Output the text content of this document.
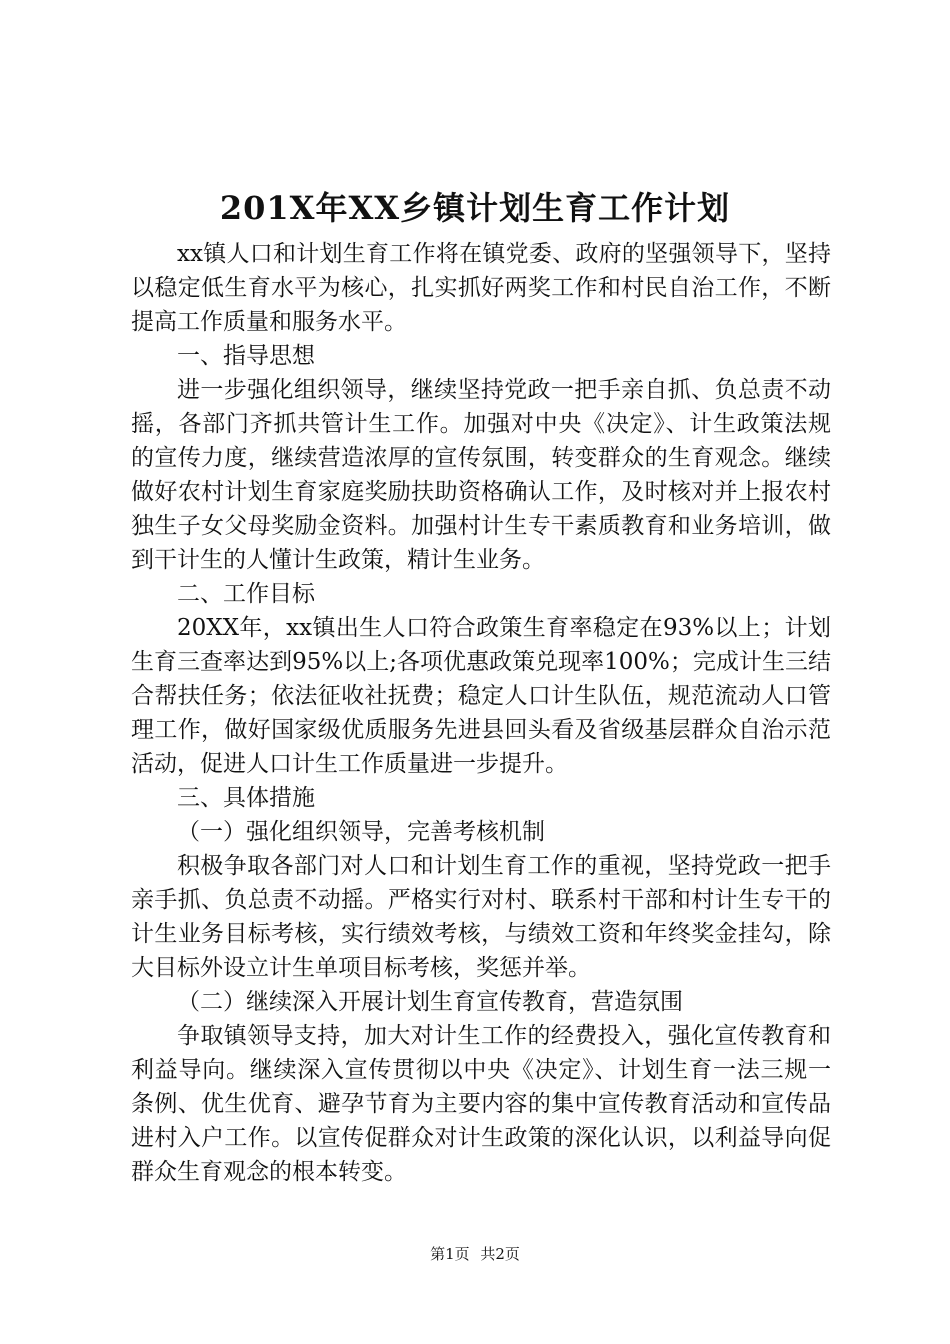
201X年XX乡镇计划生育工作计划

xx镇人口和计划生育工作将在镇党委、政府的坚强领导下，坚持以稳定低生育水平为核心，扎实抓好两奖工作和村民自治工作，不断提高工作质量和服务水平。

一、指导思想

进一步强化组织领导，继续坚持党政一把手亲自抓、负总责不动摇，各部门齐抓共管计生工作。加强对中央《决定》、计生政策法规的宣传力度，继续营造浓厚的宣传氛围，转变群众的生育观念。继续做好农村计划生育家庭奖励扶助资格确认工作，及时核对并上报农村独生子女父母奖励金资料。加强村计生专干素质教育和业务培训，做到干计生的人懂计生政策，精计生业务。

二、工作目标

20XX年，xx镇出生人口符合政策生育率稳定在93%以上；计划生育三查率达到95%以上;各项优惠政策兑现率100%；完成计生三结合帮扶任务；依法征收社抚费；稳定人口计生队伍，规范流动人口管理工作，做好国家级优质服务先进县回头看及省级基层群众自治示范活动，促进人口计生工作质量进一步提升。

三、具体措施

（一）强化组织领导，完善考核机制

积极争取各部门对人口和计划生育工作的重视，坚持党政一把手亲手抓、负总责不动摇。严格实行对村、联系村干部和村计生专干的计生业务目标考核，实行绩效考核，与绩效工资和年终奖金挂勾，除大目标外设立计生单项目标考核，奖惩并举。

（二）继续深入开展计划生育宣传教育，营造氛围

争取镇领导支持，加大对计生工作的经费投入，强化宣传教育和利益导向。继续深入宣传贯彻以中央《决定》、计划生育一法三规一条例、优生优育、避孕节育为主要内容的集中宣传教育活动和宣传品进村入户工作。以宣传促群众对计生政策的深化认识，以利益导向促群众生育观念的根本转变。

第1页 共2页
